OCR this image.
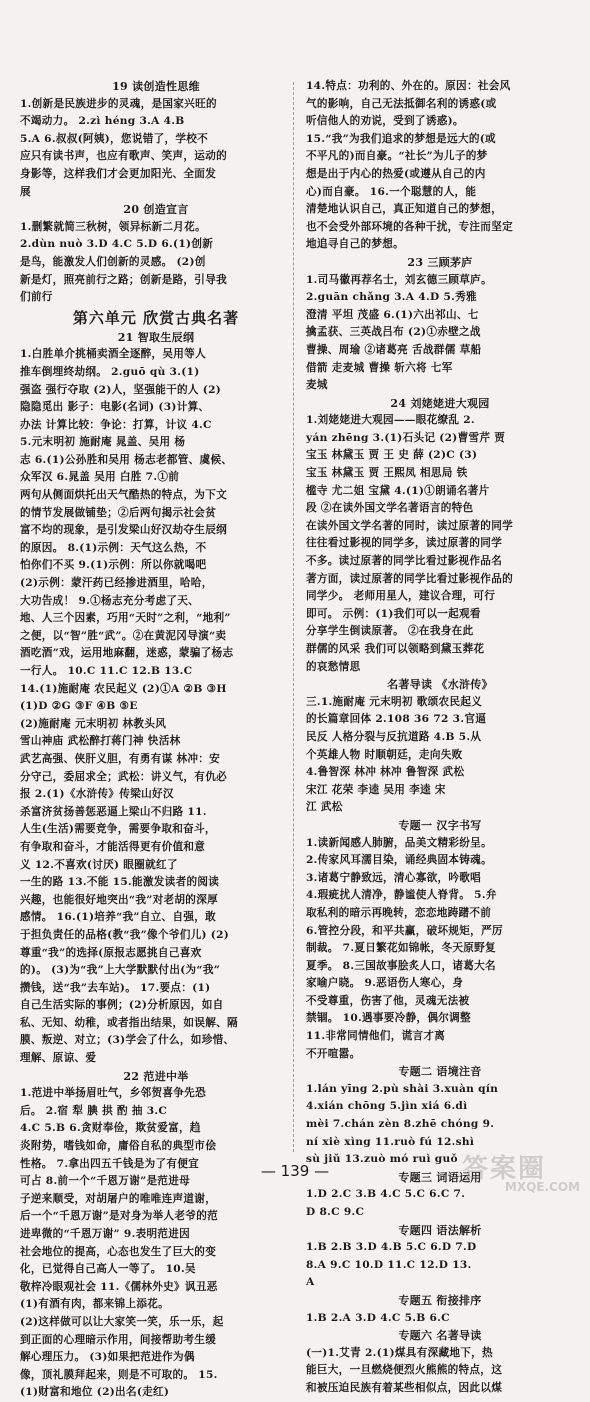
19 读创造性思维
1.创新是民族进步的灵魂，是国家兴旺的
不竭动力。 2.zì héng 3.A 4.B
5.A 6.叔叔(阿姨)，您说错了，学校不
应只有读书声，也应有歌声、笑声，运动的
身影等，这样我们才会更加阳光、全面发
展
20 创造宣言
1.删繁就简三秋树，领异标新二月花。
2.dùn nuò 3.D 4.C 5.D 6.(1)创新
是鸟，能激发人们创新的灵感。 (2)创
新是灯，照亮前行之路；创新是路，引导我
们前行
第六单元 欣赏古典名著
21 智取生辰纲
1.白胜单介挑桶卖酒全逐醉，吴用等人
推车倒埋终劫纲。 2.guō qù 3.(1)
强盗 强行夺取 (2)人，坚强能干的人 (2)
隐隐觅出 影子：电影(名词) (3)计算、
办法 计算比较：争论：打算，计议 4.C
5.元末明初 施耐庵 晁盖、吴用 杨
志 6.(1)公孙胜和吴用 杨志老都管、虞候、
众军汉 6.晁盖 吴用 白胜 7.①前
两句从侧面烘托出天气酷热的特点，为下文
的情节发展做铺垫；②后两句揭示社会贫
富不均的现象，是引发梁山好汉劫夺生辰纲
的原因。 8.(1)示例：天气这么热，不
怕你们不买 9.(1)示例：所以你就喝吧
(2)示例：蒙汗药已经掺进酒里，哈哈，
大功告成！ 9.①杨志充分考虑了天、
地、人三个因素，巧用“天时”之利，“地利”
之便，以“智”胜“武”。②在黄泥冈导演“卖
酒吃酒”戏，运用地麻翻，迷惑，蒙骗了杨志
一行人。 10.C 11.C 12.B 13.C
14.(1)施耐庵 农民起义 (2)①A ②B ③H
(1)D ②G ③F ④B ⑤E
(2)施耐庵 元末明初 林教头风
雪山神庙 武松醉打蒋门神 快活林
武艺高强、侠肝义胆，有勇有谋 林冲：安
分守己，委屈求全；武松：讲义气，有仇必
报 2.(1)《水浒传》传梁山好汉
杀富济贫扬善惩恶逼上梁山不归路 11.
人生(生活)需要竞争，需要争取和奋斗，
有争取和奋斗，才能活得更有价值和意
义 12.不喜欢(讨厌) 眼圈就红了
一生的路 13.不能 15.能激发读者的阅读
兴趣，也能很好地突出“我”对老胡的深厚
感情。 16.(1)培养“我”自立、自强，敢
于担负责任的品格(教“我”像个爷们儿) (2)
尊重“我”的选择(原报志愿挑自己喜欢
的)。 (3)为“我”上大学默默付出(为“我”
攒钱，送“我”去车站)。 17.要点：(1)
自己生活实际的事例；(2)分析原因，如自
私、无知、幼稚，或者指出结果，如误解、隔
膜、叛逆、对立；(3)学会了什么，如珍惜、
理解、原谅、爱
22 范进中举
1.范进中举扬眉吐气，乡邻贺喜争先恐
后。 2.宿 犁 腆 拱 酌 抽 3.C
4.C 5.B 6.贪财奉俭，欺贫爱富，趋
炎附势，嗜钱如命，庸俗自私的典型市侩
性格。 7.拿出四五千钱是为了有便宜
可占 8.前一个“千恩万谢”是范进母
子逆来顺受，对胡屠户的唯唯连声道谢，
后一个“千恩万谢”是对身为举人老爷的范
进卑微的“千恩万谢” 9.表明范进因
社会地位的提高，心态也发生了巨大的变
化，已觉得自己高人一等了。 10.吴
敬梓冷眼观社会 11.《儒林外史》讽丑恶
(1)有酒有肉，都来锦上添花。
(2)这样做可以让大家笑一笑，乐一乐，起
到正面的心理暗示作用，间接帮助考生缓
解心理压力。 (3)如果把范进作为偶
像，顶礼膜拜起来，则是不可取的。 15.
(1)财富和地位 (2)出名(走红)
14.特点：功利的、外在的。原因：社会风
气的影响，自己无法抵御名利的诱惑(或
听信他人的劝说，受到了诱惑)。
15.“我”为我们追求的梦想是远大的(或
不平凡的)而自豪。“社长”为儿子的梦
想是出于内心的热爱(或遵从自己的内
心)而自豪。 16.一个聪慧的人，能
清楚地认识自己，真正知道自己的梦想，
也不会受外部环境的各种干扰，专注而坚定
地追寻自己的梦想。
23 三顾茅庐
1.司马徽再荐名士，刘玄德三顾草庐。
2.guān chǎng 3.A 4.D 5.秀雅
澄清 平坦 茂盛 6.(1)六出祁山、七
擒孟获、三英战吕布 (2)①赤壁之战
曹操、周瑜 ②诸葛亮 舌战群儒 草船
借箭 走麦城 曹操 斩六将 七军
麦城
24 刘姥姥进大观园
1.刘姥姥进大观园——眼花缭乱 2.
yán zhēng 3.(1)石头记 (2)曹雪芹 贾
宝玉 林黛玉 贾 王 史 薛 (2)C (3)
宝玉 林黛玉 贾 王熙凤 相思局 铁
槛寺 尤二姐 宝黛 4.(1)①朗诵名著片
段 ②在读外国文学名著语言的特色
在读外国文学名著的同时，读过原著的同学
往往看过影视的同学多，读过原著的同学
不多。读过原著的同学比看过影视作品名
著方面，读过原著的同学比看过影视作品的
同学少。 老师用星人，建议合理，可行
即可。 示例：(1)我们可以一起观看
分享学生倒读原著。 ②在我身在此
群儒的风采 我们可以领略到黛玉葬花
的哀愁情思
名著导读 《水浒传》
三.1.施耐庵 元末明初 歌颂农民起义
的长篇章回体 2.108 36 72 3.官逼
民反 人格分裂与反抗道路 4.B 5.从
个英雄人物 时顺朝廷，走向失败
4.鲁智深 林冲 林冲 鲁智深 武松
宋江 花荣 李逵 吴用 李逵 宋
江 武松
专题一 汉字书写
1.读新闻感人肺腑，品美文精彩纷呈。
2.传家风耳濡目染，诵经典固本铸魂。
3.诸葛宁静致远，清心寡欲，吟歌唱
4.瑕疵扰人清净，静谧使人脊背。 5.弁
取私利的暗示再晚转，恋恋地踌躇不前
6.管控分段，和平共赢，破坏规矩，严厉
制裁。 7.夏日繁花如锦帐，冬天原野复
夏季。 8.三国故事脍炙人口，诸葛大名
家喻户晓。 9.恶语伤人寒心，身
不受尊重，伤害了他，灵魂无法被
禁锢。 10.遇事要冷静，偶尔调整
11.非常同情他们，谎言才离
不开喧嚣。
专题二 语境注音
1.lán yīng 2.pù shài 3.xuàn qín
4.xián chōng 5.jìn xiá 6.dì
mèi 7.chán zèn 8.zhē chóng 9.
ní xiè xìng 11.ruò fú 12.shì
sù jiǔ 13.zuò mó ruì guǒ
专题三 词语运用
1.D 2.C 3.B 4.C 5.C 6.C 7.
D 8.C 9.C
专题四 语法解析
1.B 2.B 3.D 4.B 5.C 6.D 7.D
8.A 9.C 10.D 11.C 12.D 13.
A
专题五 衔接排序
1.B 2.A 3.D 4.C 5.B 6.C
专题六 名著导读
(一)1.艾青 2.(1)煤具有深藏地下，热
能巨大，一旦燃烧便烈火熊熊的特点，这
和被压迫民族有着某些相似点，因此以煤
— 139 —	答案圈
MXQE.COM
